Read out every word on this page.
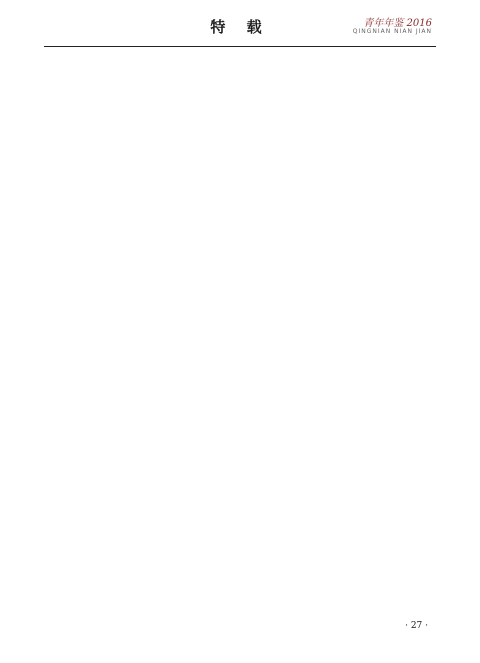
特 载	青年年鉴 2016
QINGNIAN NIAN JIAN
· 27 ·
